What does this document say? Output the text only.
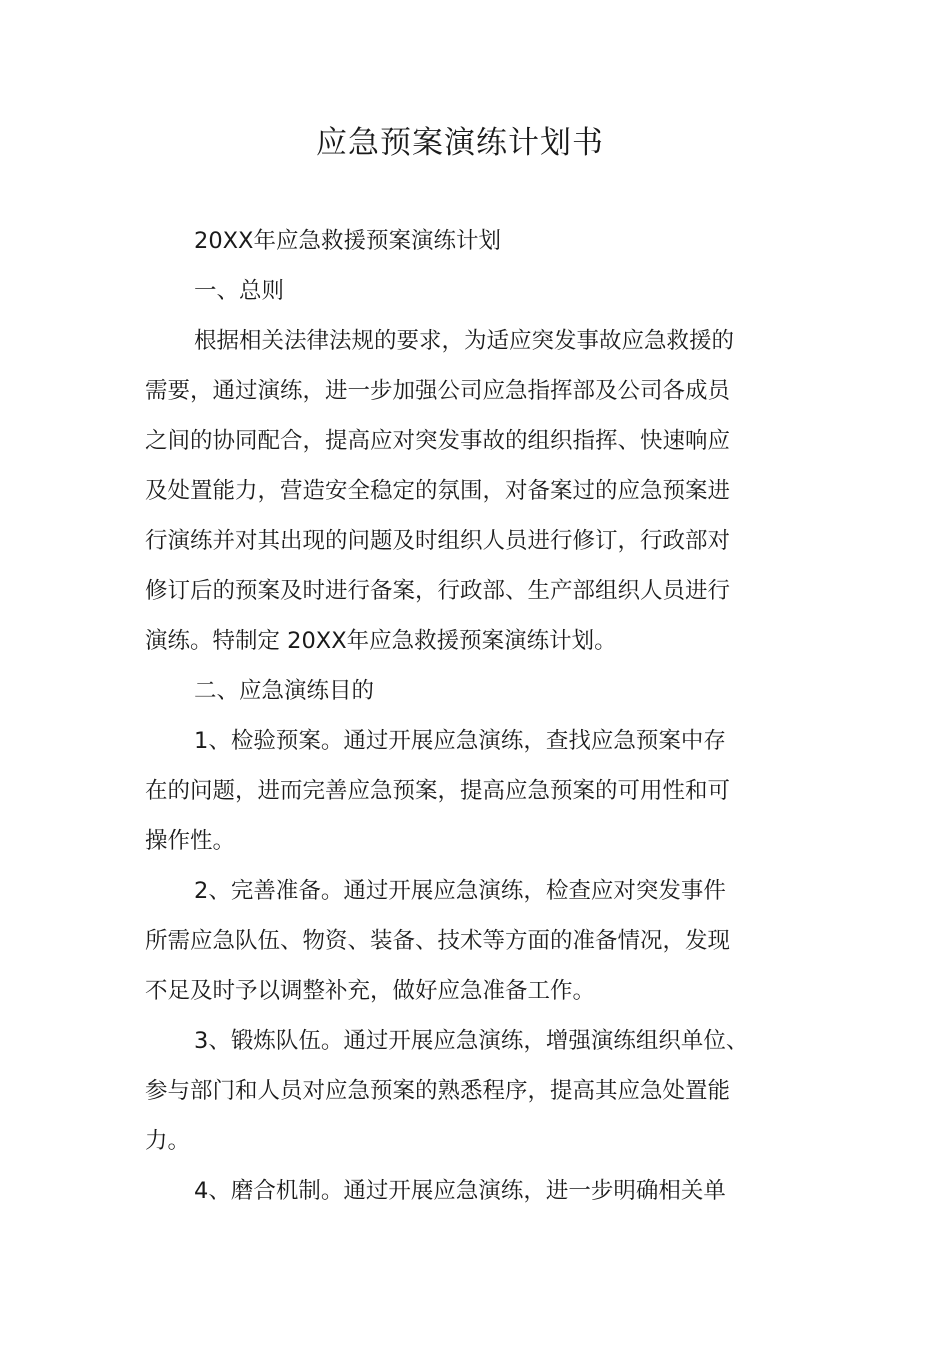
应急预案演练计划书
20XX年应急救援预案演练计划
一、总则
根据相关法律法规的要求，为适应突发事故应急救援的
需要，通过演练，进一步加强公司应急指挥部及公司各成员
之间的协同配合，提高应对突发事故的组织指挥、快速响应
及处置能力，营造安全稳定的氛围，对备案过的应急预案进
行演练并对其出现的问题及时组织人员进行修订，行政部对
修订后的预案及时进行备案，行政部、生产部组织人员进行
演练。特制定 20XX年应急救援预案演练计划。
二、应急演练目的
1、检验预案。通过开展应急演练，查找应急预案中存
在的问题，进而完善应急预案，提高应急预案的可用性和可
操作性。
2、完善准备。通过开展应急演练，检查应对突发事件
所需应急队伍、物资、装备、技术等方面的准备情况，发现
不足及时予以调整补充，做好应急准备工作。
3、锻炼队伍。通过开展应急演练，增强演练组织单位、
参与部门和人员对应急预案的熟悉程序，提高其应急处置能
力。
4、磨合机制。通过开展应急演练，进一步明确相关单
